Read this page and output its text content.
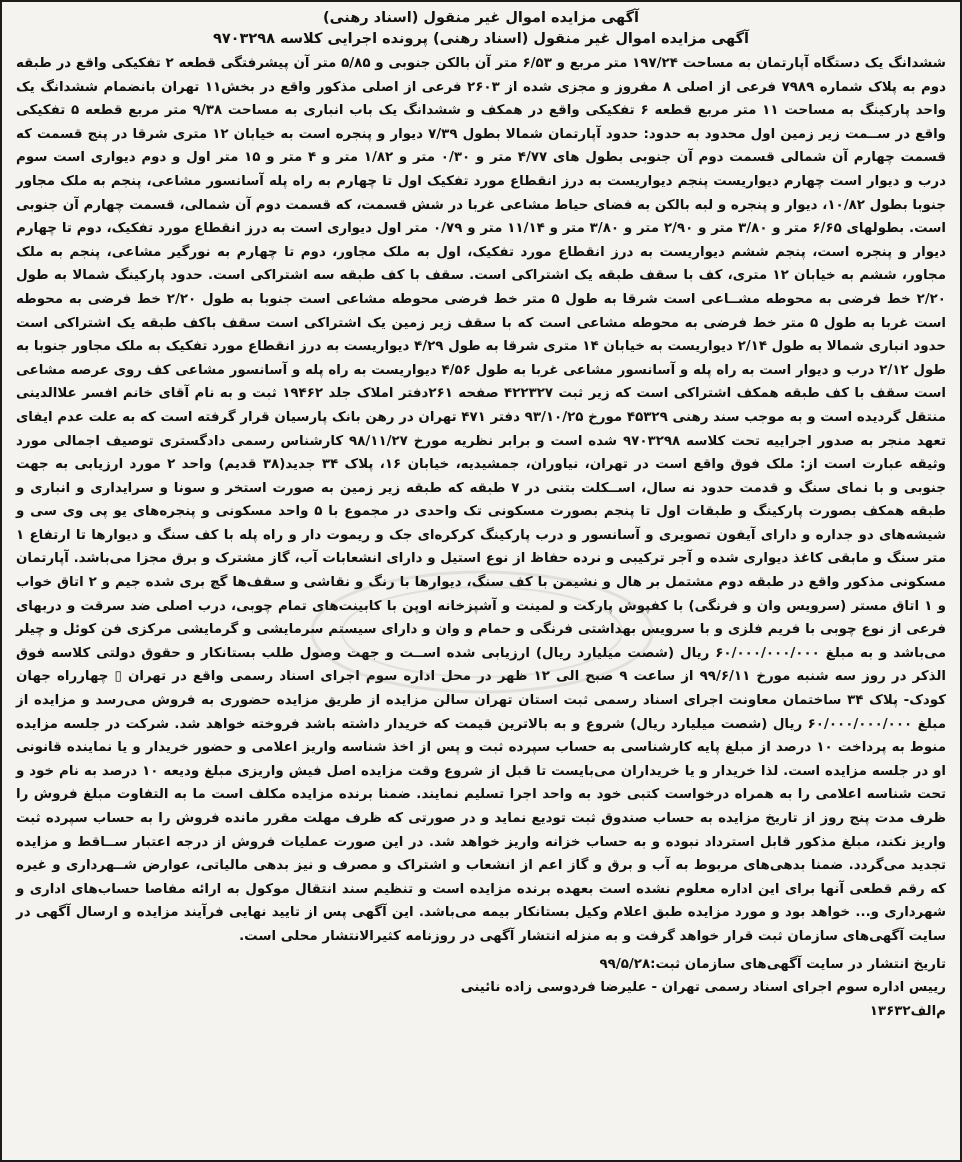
آگهی مزایده اموال غیر منقول (اسناد رهنی)

آگهی مزایده اموال غیر منقول (اسناد رهنی) پرونده اجرایی کلاسه ۹۷۰۳۲۹۸

ششدانگ یک دستگاه آپارتمان به مساحت ۱۹۷/۲۴ متر مربع و ۶/۵۳ متر آن بالکن جنوبی و ۵/۸۵ متر آن پیشرفتگی قطعه ۲ تفکیکی واقع در طبقه دوم به پلاک شماره ۷۹۸۹ فرعی از اصلی ۸ مفروز و مجزی شده از ۲۶۰۳ فرعی از اصلی مذکور واقع در بخش۱۱ تهران بانضمام ششدانگ یک واحد پارکینگ به مساحت ۱۱ متر مربع قطعه ۶ تفکیکی واقع در همکف و ششدانگ یک باب انباری به مساحت ۹/۳۸ متر مربع قطعه ۵ تفکیکی واقع در ســمت زیر زمین اول محدود به حدود: حدود آپارتمان شمالا بطول ۷/۳۹ دیوار و پنجره است به خیابان ۱۲ متری شرقا در پنج قسمت که قسمت چهارم آن شمالی قسمت دوم آن جنوبی بطول های ۴/۷۷ متر و ۰/۳۰ متر و ۱/۸۲ متر و ۴ متر و ۱۵ متر اول و دوم دیواری است سوم درب و دیوار است چهارم دیواریست پنجم دیواریست به درز انقطاع مورد تفکیک اول تا چهارم به راه پله آسانسور مشاعی، پنجم به ملک مجاور جنوبا بطول ۱۰/۸۲، دیوار و پنجره و لبه بالکن به فضای حیاط مشاعی غربا در شش قسمت، که قسمت دوم آن شمالی، قسمت چهارم آن جنوبی است. بطولهای ۶/۶۵ متر و ۳/۸۰ متر و ۲/۹۰ متر و ۳/۸۰ متر و ۱۱/۱۴ متر و ۰/۷۹ متر اول دیواری است به درز انقطاع مورد تفکیک، دوم تا چهارم دیوار و پنجره است، پنجم ششم دیواریست به درز انقطاع مورد تفکیک، اول به ملک مجاور، دوم تا چهارم به نورگیر مشاعی، پنجم به ملک مجاور، ششم به خیابان ۱۲ متری، کف با سقف طبقه یک اشتراکی است. سقف با کف طبقه سه اشتراکی است. حدود پارکینگ شمالا به طول ۲/۲۰ خط فرضی به محوطه مشــاعی است شرقا به طول ۵ متر خط فرضی محوطه مشاعی است جنوبا به طول ۲/۲۰ خط فرضی به محوطه است غربا به طول ۵ متر خط فرضی به محوطه مشاعی است که با سقف زیر زمین یک اشتراکی است سقف باکف طبقه یک اشتراکی است حدود انباری شمالا به طول ۲/۱۴ دیواریست به خیابان ۱۴ متری شرقا به طول ۴/۲۹ دیواریست به درز انقطاع مورد تفکیک به ملک مجاور جنوبا به طول ۲/۱۲ درب و دیوار است به راه پله و آسانسور مشاعی غربا به طول ۴/۵۶ دیواریست به راه پله و آسانسور مشاعی کف روی عرصه مشاعی است سقف با کف طبقه همکف اشتراکی است که زیر ثبت ۴۲۲۳۲۷ صفحه ۲۶۱دفتر املاک جلد ۱۹۴۶۲ ثبت و به نام آقای خانم افسر علاالدینی منتقل گردیده است و به موجب سند رهنی ۴۵۳۲۹ مورخ ۹۳/۱۰/۲۵ دفتر ۴۷۱ تهران در رهن بانک پارسیان قرار گرفته است که به علت عدم ایفای تعهد منجر به صدور اجراییه تحت کلاسه ۹۷۰۳۲۹۸ شده است و برابر نظریه مورخ ۹۸/۱۱/۲۷ کارشناس رسمی دادگستری توصیف اجمالی مورد وثیقه عبارت است از: ملک فوق واقع است در تهران، نیاوران، جمشیدیه، خیابان ۱۶، پلاک ۳۴ جدید(۳۸ قدیم) واحد ۲ مورد ارزیابی به جهت جنوبی و با نمای سنگ و قدمت حدود نه سال، اســکلت بتنی در ۷ طبقه که طبقه زیر زمین به صورت استخر و سونا و سرایداری و انباری و طبقه همکف بصورت پارکینگ و طبقات اول تا پنجم بصورت مسکونی تک واحدی در مجموع با ۵ واحد مسکونی و پنجره‌های یو پی وی سی و شیشه‌های دو جداره و دارای آیفون تصویری و آسانسور و درب پارکینگ کرکره‌ای جک و ریموت دار و راه پله با کف سنگ و دیوارها تا ارتفاع ۱ متر سنگ و مابقی کاغذ دیواری شده و آجر ترکیبی و نرده حفاظ از نوع استیل و دارای انشعابات آب، گاز مشترک و برق مجزا می‌باشد. آپارتمان مسکونی مذکور واقع در طبقه دوم مشتمل بر هال و نشیمن با کف سنگ، دیوارها با رنگ و نقاشی و سقف‌ها گچ بری شده جیم و ۲ اتاق خواب و ۱ اتاق مستر (سرویس وان و فرنگی) با کفپوش پارکت و لمینت و آشپزخانه اوپن با کابینت‌های تمام چوبی، درب اصلی ضد سرقت و دربهای فرعی از نوع چوبی با فریم فلزی و با سرویس بهداشتی فرنگی و حمام و وان و دارای سیستم سرمایشی و گرمایشی مرکزی فن کوئل و چیلر می‌باشد و به مبلغ ۶۰/۰۰۰/۰۰۰/۰۰۰ ریال (شصت میلیارد ریال) ارزیابی شده اســت و جهت وصول طلب بستانکار و حقوق دولتی کلاسه فوق الذکر در روز سه شنبه مورخ ۹۹/۶/۱۱ از ساعت ۹ صبح الی ۱۲ ظهر در محل اداره سوم اجرای اسناد رسمی واقع در تهران ▯ چهارراه جهان کودک- پلاک ۳۴ ساختمان معاونت اجرای اسناد رسمی ثبت استان تهران سالن مزایده از طریق مزایده حضوری به فروش می‌رسد و مزایده از مبلغ ۶۰/۰۰۰/۰۰۰/۰۰۰ ریال (شصت میلیارد ریال) شروع و به بالاترین قیمت که خریدار داشته باشد فروخته خواهد شد. شرکت در جلسه مزایده منوط به پرداخت ۱۰ درصد از مبلغ پایه کارشناسی به حساب سپرده ثبت و پس از اخذ شناسه واریز اعلامی و حضور خریدار و یا نماینده قانونی او در جلسه مزایده است. لذا خریدار و یا خریداران می‌بایست تا قبل از شروع وقت مزایده اصل فیش واریزی مبلغ ودیعه ۱۰ درصد به نام خود و تحت شناسه اعلامی را به همراه درخواست کتبی خود به واحد اجرا تسلیم نمایند. ضمنا برنده مزایده مکلف است ما به التفاوت مبلغ فروش را ظرف مدت پنج روز از تاریخ مزایده به حساب صندوق ثبت تودیع نماید و در صورتی که ظرف مهلت مقرر مانده فروش را به حساب سپرده ثبت واریز نکند، مبلغ مذکور قابل استرداد نبوده و به حساب خزانه واریز خواهد شد. در این صورت عملیات فروش از درجه اعتبار ســاقط و مزایده تجدید می‌گردد. ضمنا بدهی‌های مربوط به آب و برق و گاز اعم از انشعاب و اشتراک و مصرف و نیز بدهی مالیاتی، عوارض شــهرداری و غیره که رقم قطعی آنها برای این اداره معلوم نشده است بعهده برنده مزایده است و تنظیم سند انتقال موکول به ارائه مفاصا حساب‌های اداری و شهرداری و... خواهد بود و مورد مزایده طبق اعلام وکیل بستانکار بیمه می‌باشد. این آگهی پس از تایید نهایی فرآیند مزایده و ارسال آگهی در سایت آگهی‌های سازمان ثبت قرار خواهد گرفت و به منزله انتشار آگهی در روزنامه کثیرالانتشار محلی است.

تاریخ انتشار در سایت آگهی‌های سازمان ثبت:۹۹/۵/۲۸

رییس اداره سوم اجرای اسناد رسمی تهران - علیرضا فردوسی زاده نائینی

م‌الف۱۳۶۳۲
